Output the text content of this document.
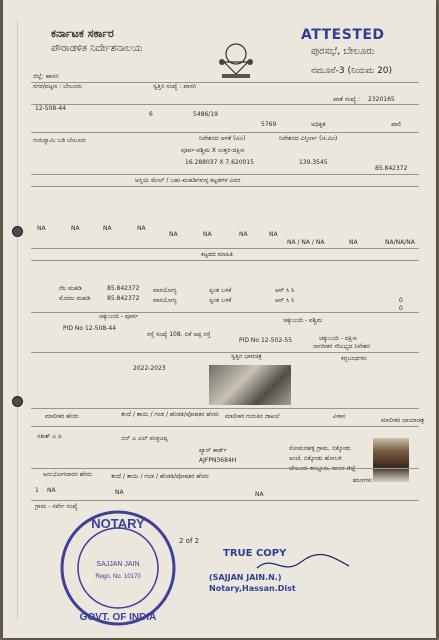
ಕರ್ನಾಟಕ ಸರ್ಕಾರ
ಪೌರಾಡಳಿತ ನಿರ್ದೇಶನಾಲಯ
ATTESTED
ಪುರಸಭೆ, ಬೇಲೂರು
ನಮೂನೆ-3 (ನಿಯಮ 20)
ಜಿಲ್ಲೆ: ಹಾಸನ
ನಗರ/ಪಟ್ಟಣ : ಬೇಲೂರು	ಸ್ವತ್ತಿನ ಸಂಖ್ಯೆ : ಖಾಸಗಿ
ಖಾತೆ ಸಂಖ್ಯೆ : 2320165
12-508-44
6	5486/19
5769	ಅಧಿಕೃತ	ಖಾಲಿ
ಗುರುಸ್ವಾಮಿ ಬಡಿ ಬೇಲೂರು	ನಿವೇಶನದ ಅಳತೆ (ಮೀ)	ನಿವೇಶನದ ವಿಸ್ತೀರ್ಣ (ಚ.ಮೀ)
ಪೂರ್ವ-ಪಶ್ಚಿಮ X ಉತ್ತರ-ದಕ್ಷಿಣ
16.288037 X 7.620015	139.3545
85.842372
ಆಸ್ತಿಯ ಮೇಲ್ / ಬಹು-ಮಹಡಿಗಳುಳ್ಳ ಕಟ್ಟಡಗಳ ವಿವರ
NA	NA	NA	NA
NA	NA	NA	NA
NA / NA / NA	NA	NA/NA/NA
ಕಟ್ಟಡದ ಮಾಹಿತಿ
ನೆಲ ಮಹಡಿ	85.842372 ವಾಸಯೋಗ್ಯ	ಸ್ವಂತ ಬಳಕೆ	ಆರ್ ಸಿ ಸಿ
0
ಮೊದಲ ಮಹಡಿ	85.842372 ವಾಸಯೋಗ್ಯ	ಸ್ವಂತ ಬಳಕೆ	ಆರ್ ಸಿ ಸಿ
0
ಚಕ್ಕುಬಂದಿ - ಪೂರ್ವ
ಚಕ್ಕುಬಂದಿ - ಪಶ್ಚಿಮ
PID No 12-508-44
ರಸ್ತೆ ಸಂಖ್ಯೆ 108, ಬಿಕೆ ಅಪ್ಪ ರಸ್ತೆ
PID No 12-502-55	ಚಕ್ಕುಬಂದಿ - ದಕ್ಷಿಣ
ನಾಗರೀಕರ ಸೌಲಭ್ಯದ ನಿವೇಶನ
ಸ್ವತ್ತಿನ ಭಾವಚಿತ್ರ	ಕನ್ಬಬಂಧಗಳು
2022-2023
ಮಾಲೀಕರ ಹೆಸರು	ತಂದೆ / ತಾಯಿ / ಗಂಡ / ಹೆಂಡತಿ/ಪೋಷಕರ ಹೆಸರು ಮಾಲೀಕರ ಗುರುತಿನ ದಾಖಲೆ	ವಿಳಾಸ
ಮಾಲೀಕರ ಛಾಯಾಚಿತ್ರ
ಸತೀಶ್ ಎ ಪಿ	ಬಿನ್ ಎ ಎಲ್ ಪಂಕ್ತಜಪ್ಪ
ಪ್ಯಾನ್ ಕಾರ್ಡ್
AJFPN3684H
ಸೋಮನಹಳ್ಳಿ ಗ್ರಾಮ, ಬಿಕ್ಕೋಡು
ಅಂಚೆ, ಬಿಕ್ಕೋಡು ಹೋಬಳಿ
ಅನುಭೋಗದಾರರ ಹೆಸರು	ತಂದೆ / ತಾಯಿ / ಗಂಡ / ಹೆಂಡತಿ/ಪೋಷಕರ ಹೆಸರು
ಋಣಗಳು
1 NA	NA	NA
ಗ್ರಾಮ - ಸರ್ವೇ ಸಂಖ್ಯೆ
2 of 2
NOTARY
GOVT. OF INDIA
SAJJAN JAIN
Regn. No. 10170
TRUE COPY
(SAJJAN JAIN.N.)
Notary,Hassan.Dist
